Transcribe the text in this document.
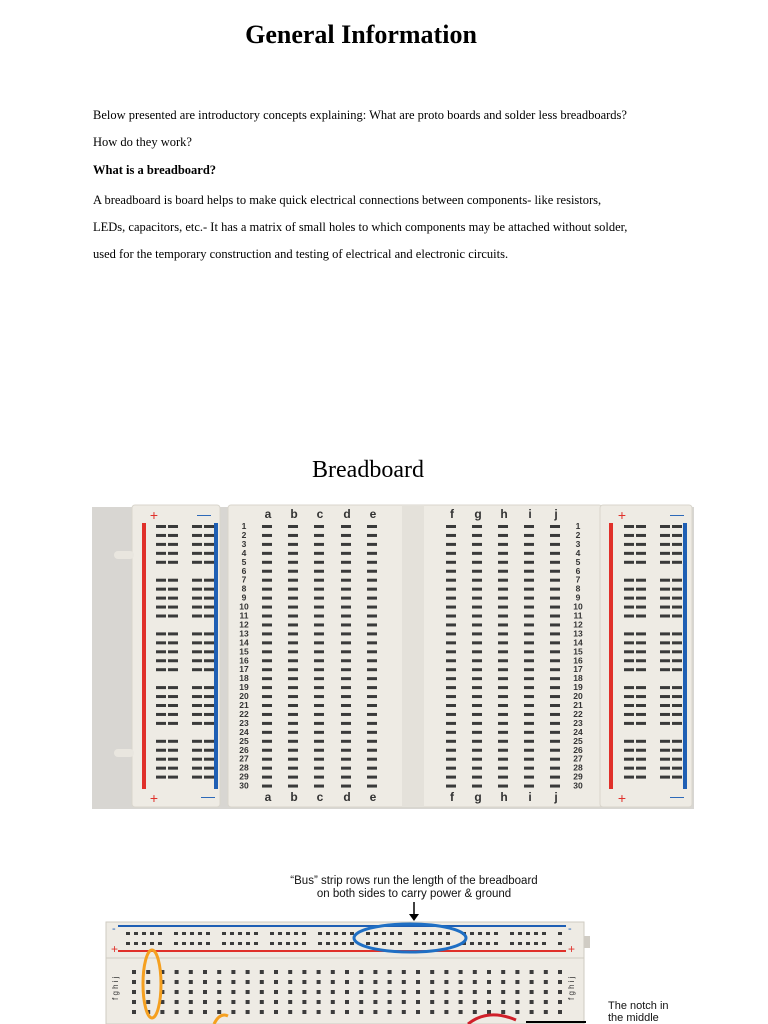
General Information
Below presented are introductory concepts explaining: What are proto boards and solder less breadboards?
How do they work?
What is a breadboard?
A breadboard is board helps to make quick electrical connections between components- like resistors,
LEDs, capacitors, etc.- It has a matrix of small holes to which components may be attached without solder,
used for the temporary construction and testing of electrical and electronic circuits.
Breadboard
+	—
+	—
+	—
+	—
a b c d e	f g h i j
a b c d e	f g h i j
1	1
2	2
3	3
4	4
5	5
6	6
7	7
8	8
9	9
10	10
11	11
12	12
13	13
14	14
15	15
16	16
17	17
18	18
19	19
20	20
21	21
22	22
23	23
24	24
25	25
26	26
27	27
28	28
29	29
30	30
“Bus” strip rows run the length of the breadboard
on both sides to carry power & ground
-
+
-
+
f g h i j	f g h i j
The notch in
the middle
